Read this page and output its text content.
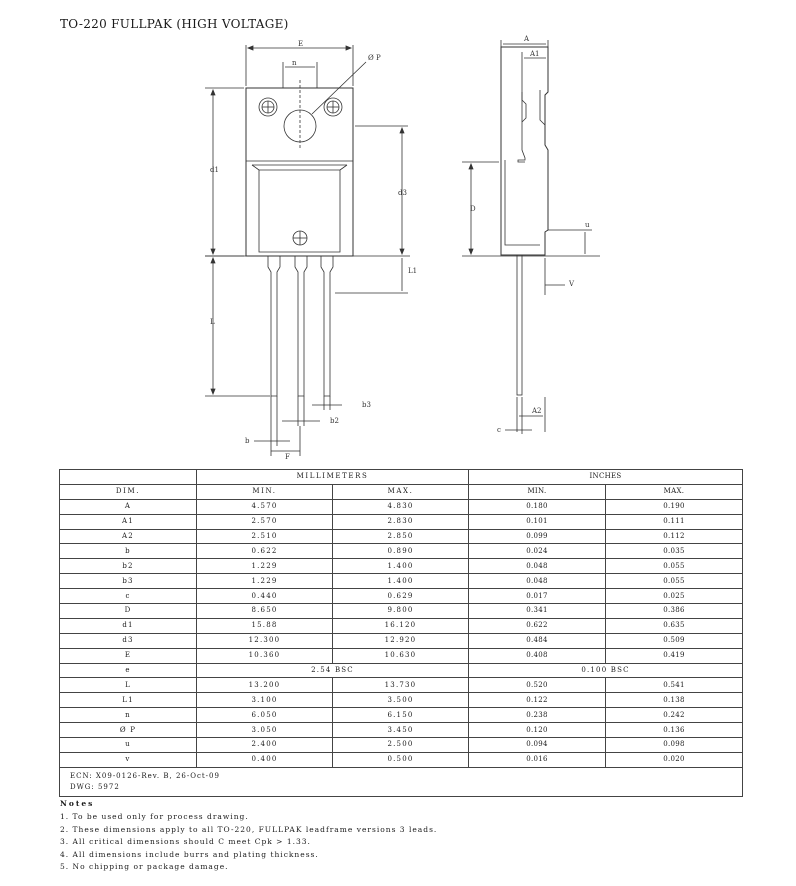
TO-220 FULLPAK (HIGH VOLTAGE)
E
Ø P
n
d1
d3
L1
L
b3
b2
b
F
A
A1
D
u
V
A2
c
	MILLIMETERS		INCHES	
DIM.	MIN.	MAX.	MIN.	MAX.
A	4.570	4.830	0.180	0.190
A1	2.570	2.830	0.101	0.111
A2	2.510	2.850	0.099	0.112
b	0.622	0.890	0.024	0.035
b2	1.229	1.400	0.048	0.055
b3	1.229	1.400	0.048	0.055
c	0.440	0.629	0.017	0.025
D	8.650	9.800	0.341	0.386
d1	15.88	16.120	0.622	0.635
d3	12.300	12.920	0.484	0.509
E	10.360	10.630	0.408	0.419
e	2.54 BSC		0.100 BSC	
L	13.200	13.730	0.520	0.541
L1	3.100	3.500	0.122	0.138
n	6.050	6.150	0.238	0.242
Ø P	3.050	3.450	0.120	0.136
u	2.400	2.500	0.094	0.098
v	0.400	0.500	0.016	0.020

ECN: X09-0126-Rev. B, 26-Oct-09
DWG: 5972				
Notes
1. To be used only for process drawing.
2. These dimensions apply to all TO-220, FULLPAK leadframe versions 3 leads.
3. All critical dimensions should C meet Cpk > 1.33.
4. All dimensions include burrs and plating thickness.
5. No chipping or package damage.
